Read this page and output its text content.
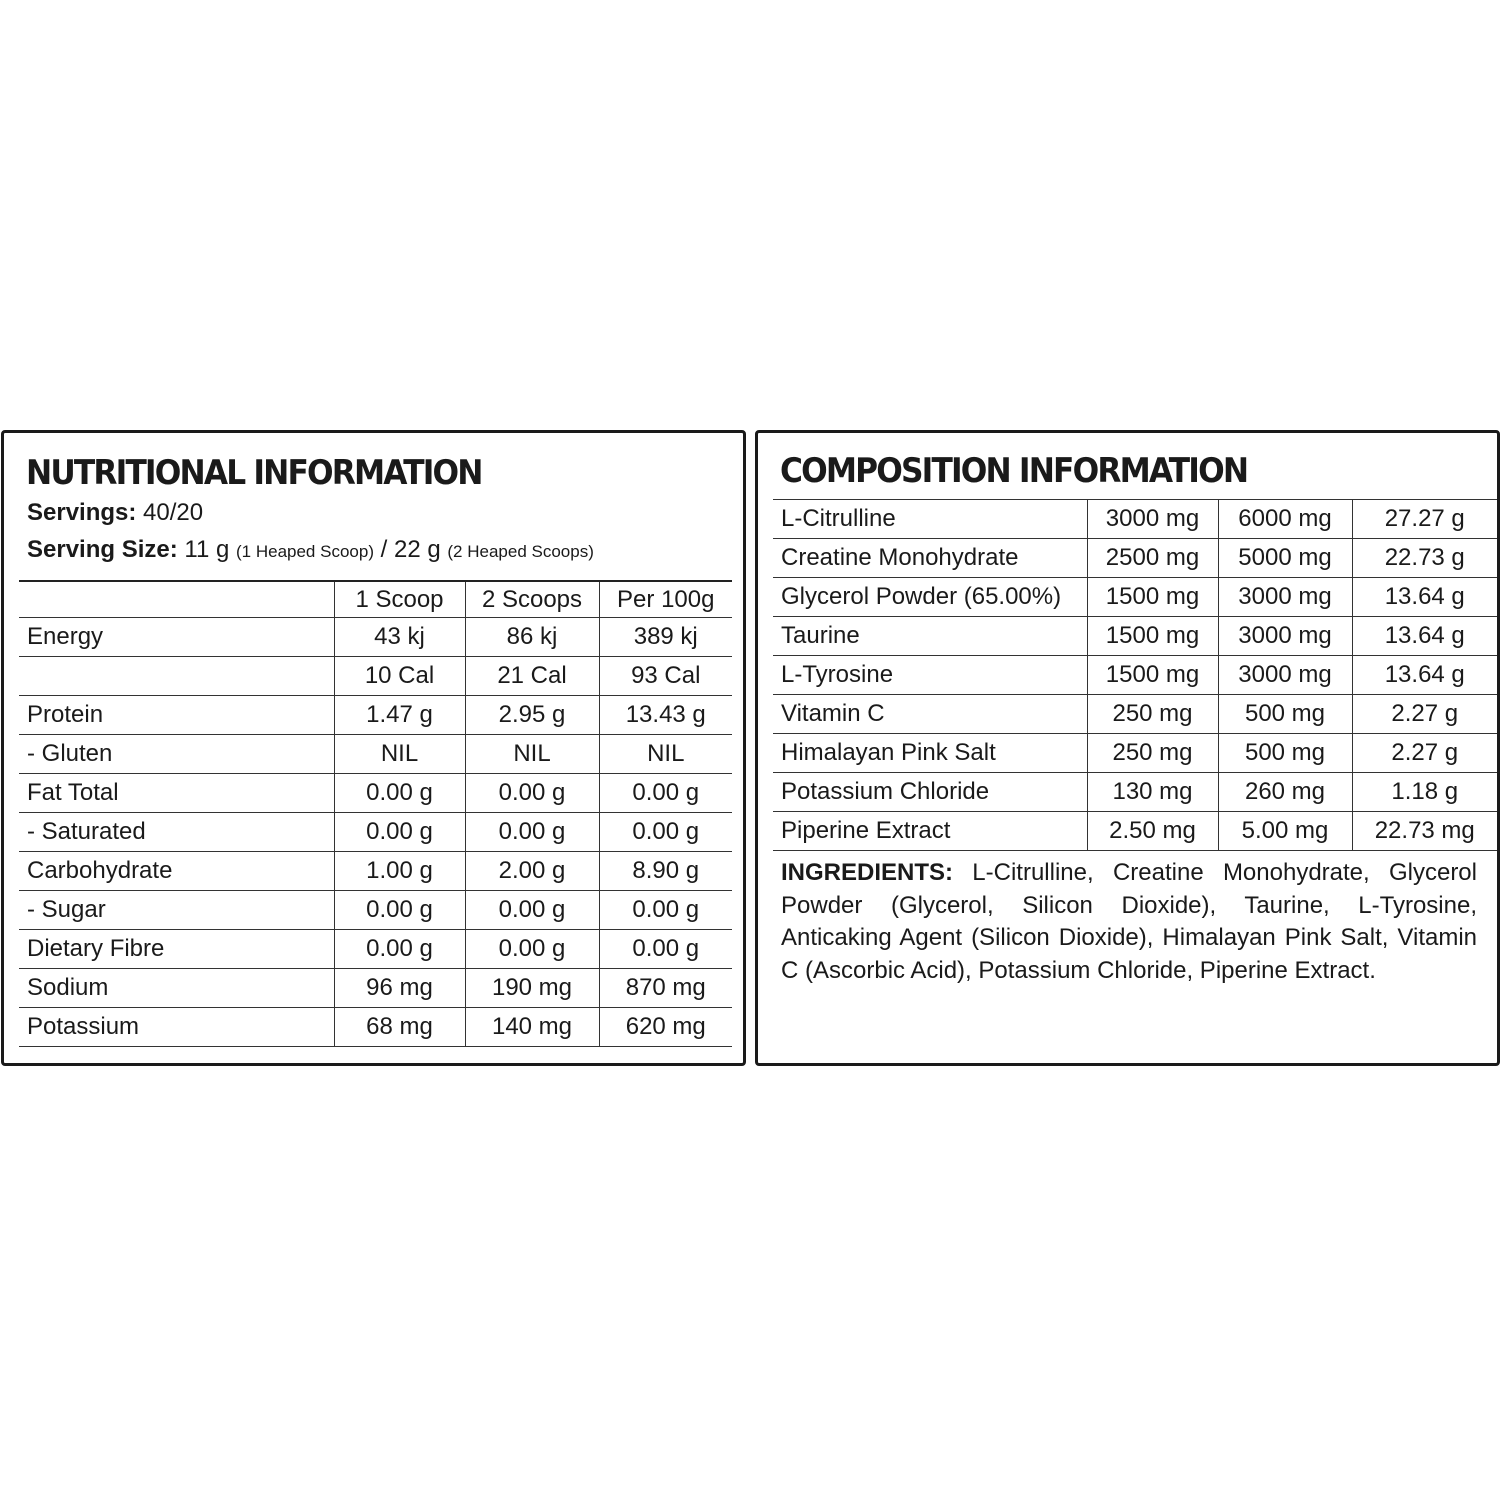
NUTRITIONAL INFORMATION
Servings: 40/20
Serving Size: 11 g (1 Heaped Scoop) / 22 g (2 Heaped Scoops)
	1 Scoop	2 Scoops	Per 100g
Energy	43 kj	86 kj	389 kj
	10 Cal	21 Cal	93 Cal
Protein	1.47 g	2.95 g	13.43 g
- Gluten	NIL	NIL	NIL
Fat Total	0.00 g	0.00 g	0.00 g
- Saturated	0.00 g	0.00 g	0.00 g
Carbohydrate	1.00 g	2.00 g	8.90 g
- Sugar	0.00 g	0.00 g	0.00 g
Dietary Fibre	0.00 g	0.00 g	0.00 g
Sodium	96 mg	190 mg	870 mg
Potassium	68 mg	140 mg	620 mg
COMPOSITION INFORMATION
L-Citrulline	3000 mg	6000 mg	27.27 g
Creatine Monohydrate	2500 mg	5000 mg	22.73 g
Glycerol Powder (65.00%)	1500 mg	3000 mg	13.64 g
Taurine	1500 mg	3000 mg	13.64 g
L-Tyrosine	1500 mg	3000 mg	13.64 g
Vitamin C	250 mg	500 mg	2.27 g
Himalayan Pink Salt	250 mg	500 mg	2.27 g
Potassium Chloride	130 mg	260 mg	1.18 g
Piperine Extract	2.50 mg	5.00 mg	22.73 mg
INGREDIENTS: L-Citrulline, Creatine Monohydrate, Glycerol Powder (Glycerol, Silicon Dioxide), Taurine, L-Tyrosine, Anticaking Agent (Silicon Dioxide), Himalayan Pink Salt, Vitamin C (Ascorbic Acid), Potassium Chloride, Piperine Extract.
